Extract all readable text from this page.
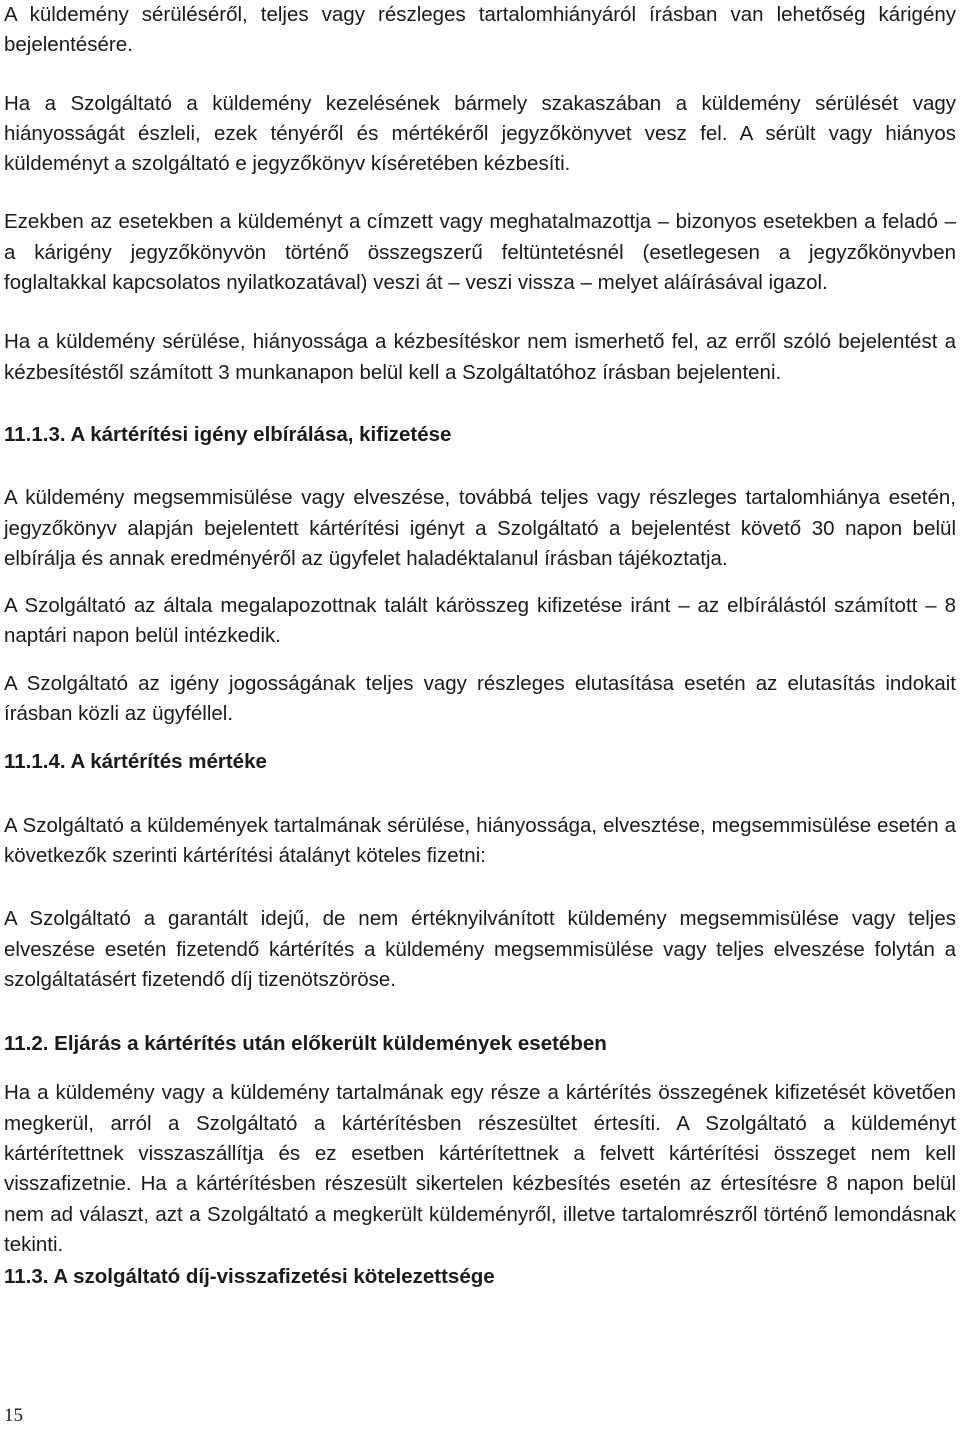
A küldemény sérüléséről, teljes vagy részleges tartalomhiányáról írásban van lehetőség kárigény bejelentésére.

Ha a Szolgáltató a küldemény kezelésének bármely szakaszában a küldemény sérülését vagy hiányosságát észleli, ezek tényéről és mértékéről jegyzőkönyvet vesz fel. A sérült vagy hiányos küldeményt a szolgáltató e jegyzőkönyv kíséretében kézbesíti.

Ezekben az esetekben a küldeményt a címzett vagy meghatalmazottja – bizonyos esetekben a feladó – a kárigény jegyzőkönyvön történő összegszerű feltüntetésnél (esetlegesen a jegyzőkönyvben foglaltakkal kapcsolatos nyilatkozatával) veszi át – veszi vissza – melyet aláírásával igazol.

Ha a küldemény sérülése, hiányossága a kézbesítéskor nem ismerhető fel, az erről szóló bejelentést a kézbesítéstől számított 3 munkanapon belül kell a Szolgáltatóhoz írásban bejelenteni.

11.1.3. A kártérítési igény elbírálása, kifizetése

A küldemény megsemmisülése vagy elveszése, továbbá teljes vagy részleges tartalomhiánya esetén, jegyzőkönyv alapján bejelentett kártérítési igényt a Szolgáltató a bejelentést követő 30 napon belül elbírálja és annak eredményéről az ügyfelet haladéktalanul írásban tájékoztatja.

A Szolgáltató az általa megalapozottnak talált kárösszeg kifizetése iránt – az elbírálástól számított – 8 naptári napon belül intézkedik.

A Szolgáltató az igény jogosságának teljes vagy részleges elutasítása esetén az elutasítás indokait írásban közli az ügyféllel.

11.1.4. A kártérítés mértéke

A Szolgáltató a küldemények tartalmának sérülése, hiányossága, elvesztése, megsemmisülése esetén a következők szerinti kártérítési átalányt köteles fizetni:

A Szolgáltató a garantált idejű, de nem értéknyilvánított küldemény megsemmisülése vagy teljes elveszése esetén fizetendő kártérítés a küldemény megsemmisülése vagy teljes elveszése folytán a szolgáltatásért fizetendő díj tizenötszöröse.

11.2. Eljárás a kártérítés után előkerült küldemények esetében

Ha a küldemény vagy a küldemény tartalmának egy része a kártérítés összegének kifizetését követően megkerül, arról a Szolgáltató a kártérítésben részesültet értesíti. A Szolgáltató a küldeményt kártérítettnek visszaszállítja és ez esetben kártérítettnek a felvett kártérítési összeget nem kell visszafizetnie. Ha a kártérítésben részesült sikertelen kézbesítés esetén az értesítésre 8 napon belül nem ad választ, azt a Szolgáltató a megkerült küldeményről, illetve tartalomrészről történő lemondásnak tekinti.

11.3. A szolgáltató díj-visszafizetési kötelezettsége
15
